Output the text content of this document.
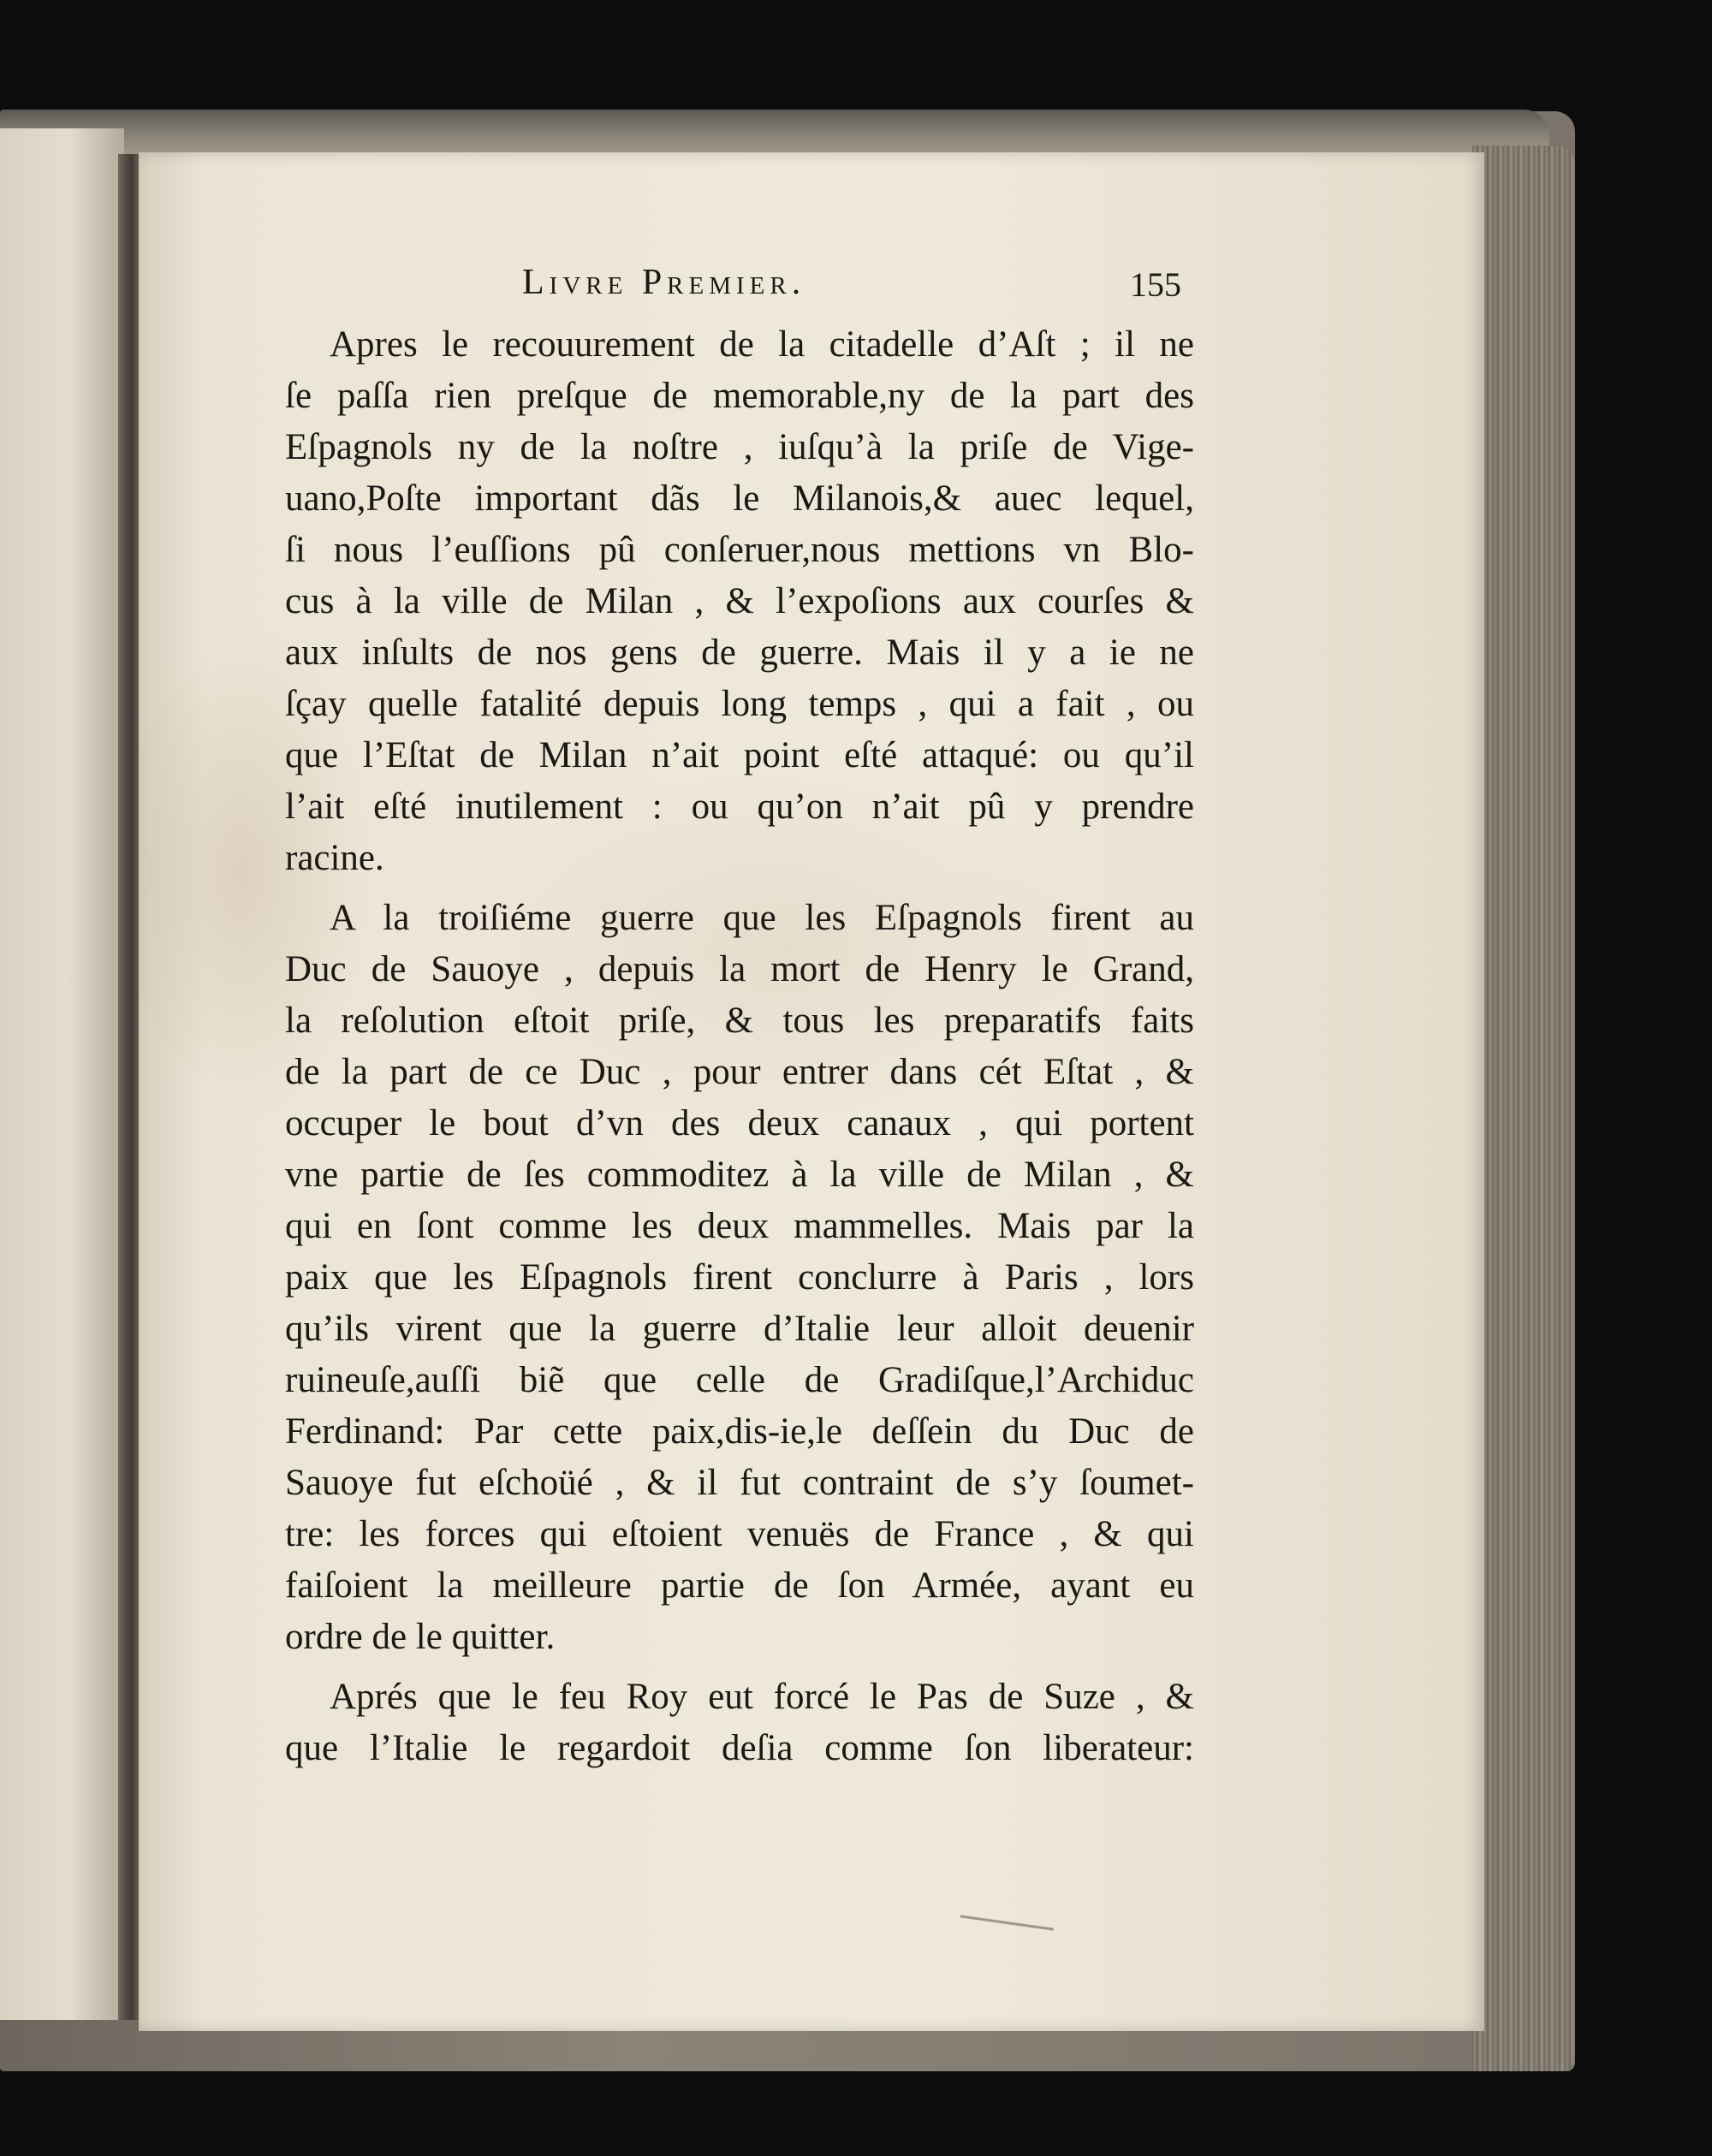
Livre Premier.	155
Apres le recouurement de la citadelle d’Aſt ; il ne
ſe paſſa rien preſque de memorable,ny de la part des
Eſpagnols ny de la noſtre , iuſqu’à la priſe de Vige-
uano,Poſte important dãs le Milanois,& auec lequel,
ſi nous l’euſſions pû conſeruer,nous mettions vn Blo-
cus à la ville de Milan , & l’expoſions aux courſes &
aux inſults de nos gens de guerre. Mais il y a ie ne
ſçay quelle fatalité depuis long temps , qui a fait , ou
que l’Eſtat de Milan n’ait point eſté attaqué: ou qu’il
l’ait eſté inutilement : ou qu’on n’ait pû y prendre
racine.
A la troiſiéme guerre que les Eſpagnols firent au
Duc de Sauoye , depuis la mort de Henry le Grand,
la reſolution eſtoit priſe, & tous les preparatifs faits
de la part de ce Duc , pour entrer dans cét Eſtat , &
occuper le bout d’vn des deux canaux , qui portent
vne partie de ſes commoditez à la ville de Milan , &
qui en ſont comme les deux mammelles. Mais par la
paix que les Eſpagnols firent conclurre à Paris , lors
qu’ils virent que la guerre d’Italie leur alloit deuenir
ruineuſe,auſſi biẽ que celle de Gradiſque,l’Archiduc
Ferdinand: Par cette paix,dis-ie,le deſſein du Duc de
Sauoye fut eſchoüé , & il fut contraint de s’y ſoumet-
tre: les forces qui eſtoient venuës de France , & qui
faiſoient la meilleure partie de ſon Armée, ayant eu
ordre de le quitter.
Aprés que le feu Roy eut forcé le Pas de Suze , &
que l’Italie le regardoit deſia comme ſon liberateur:
